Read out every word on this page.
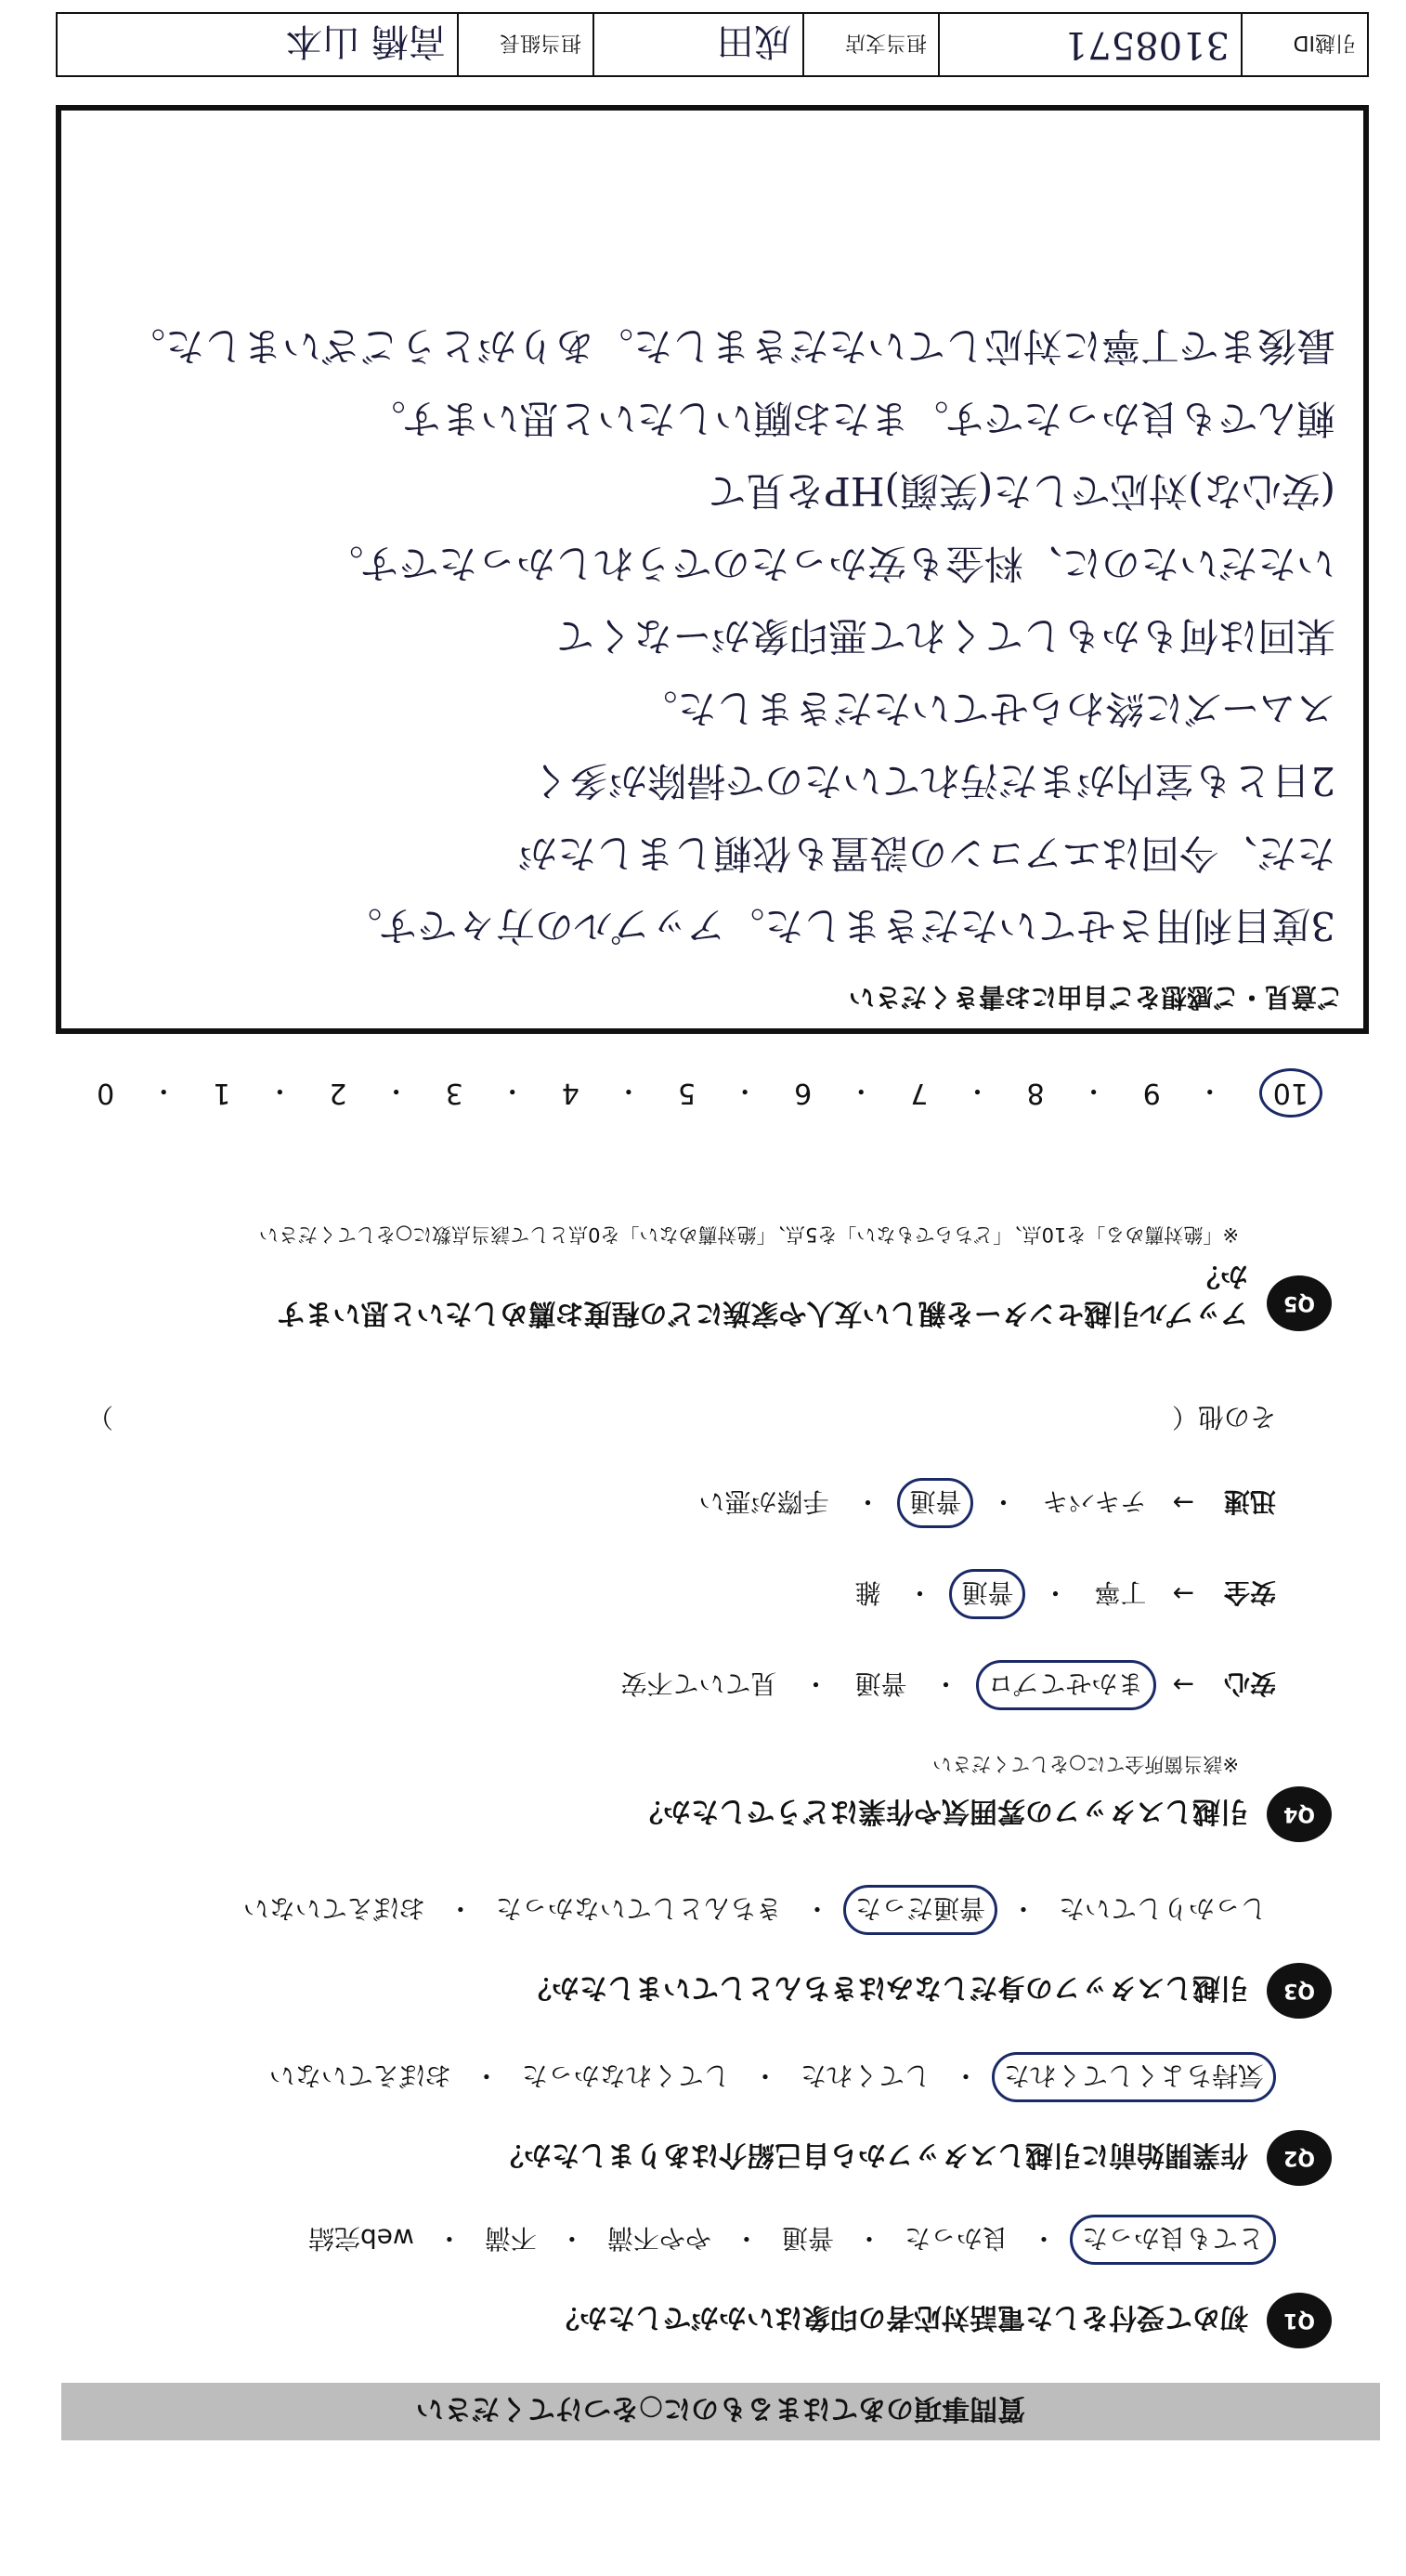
質問事項のあてはまるものに○をつけてください
Q1
初めて受付をした電話対応者の印象はいかがでしたか？
とても良かった
・
良かった
・
普通
・
やや不満
・
不満
・
web完結
Q2
作業開始前に引越しスタッフから自己紹介はありましたか？
気持ちよくしてくれた
・
してくれた
・
してくれなかった
・
おぼえていない
Q3
引越しスタッフの身だしなみはきちんとしていましたか？
しっかりしていた
・
普通だった
・
きちんとしていなかった
・
おぼえていない
Q4
引越しスタッフの雰囲気や作業はどうでしたか？
※該当箇所全てに○をしてください
安心
→
まかせてプロ
・
普通
・
見ていて不安
安全
→
丁寧
・
普通
・
雑
迅速
→
テキパキ
・
普通
・
手際が悪い
その他（
）
Q5
アップル引越センターを親しい友人や家族にどの程度お薦めしたいと思いますか？
※「絶対薦める」を10点、「どちらでもない」を5点、「絶対薦めない」を0点として該当点数に○をしてください
10
・
9
・
8
・
7
・
6
・
5
・
4
・
3
・
2
・
1
・
0
ご意見・ご感想をご自由にお書きください
3度目利用させていただきました。アップルの方々です。
ただ、今回はエアコンの設置も依頼しましたが
2日とも室内がまだ汚れていたので掃除が多く
スムーズに終わらせていただきました。
某回は何もかもしてくれて悪印象がーなくて
いただいたのに、料金も安かったのでうれしかったです。
(安心な)対応でした(笑顔)HPを見て
頼んでも良かったです。またお願いしたいと思います。
最後まで丁寧に対応していただきました。ありがとうございました。
引越ID
3108571
担当支店
成田
担当組長
高橋 山本
